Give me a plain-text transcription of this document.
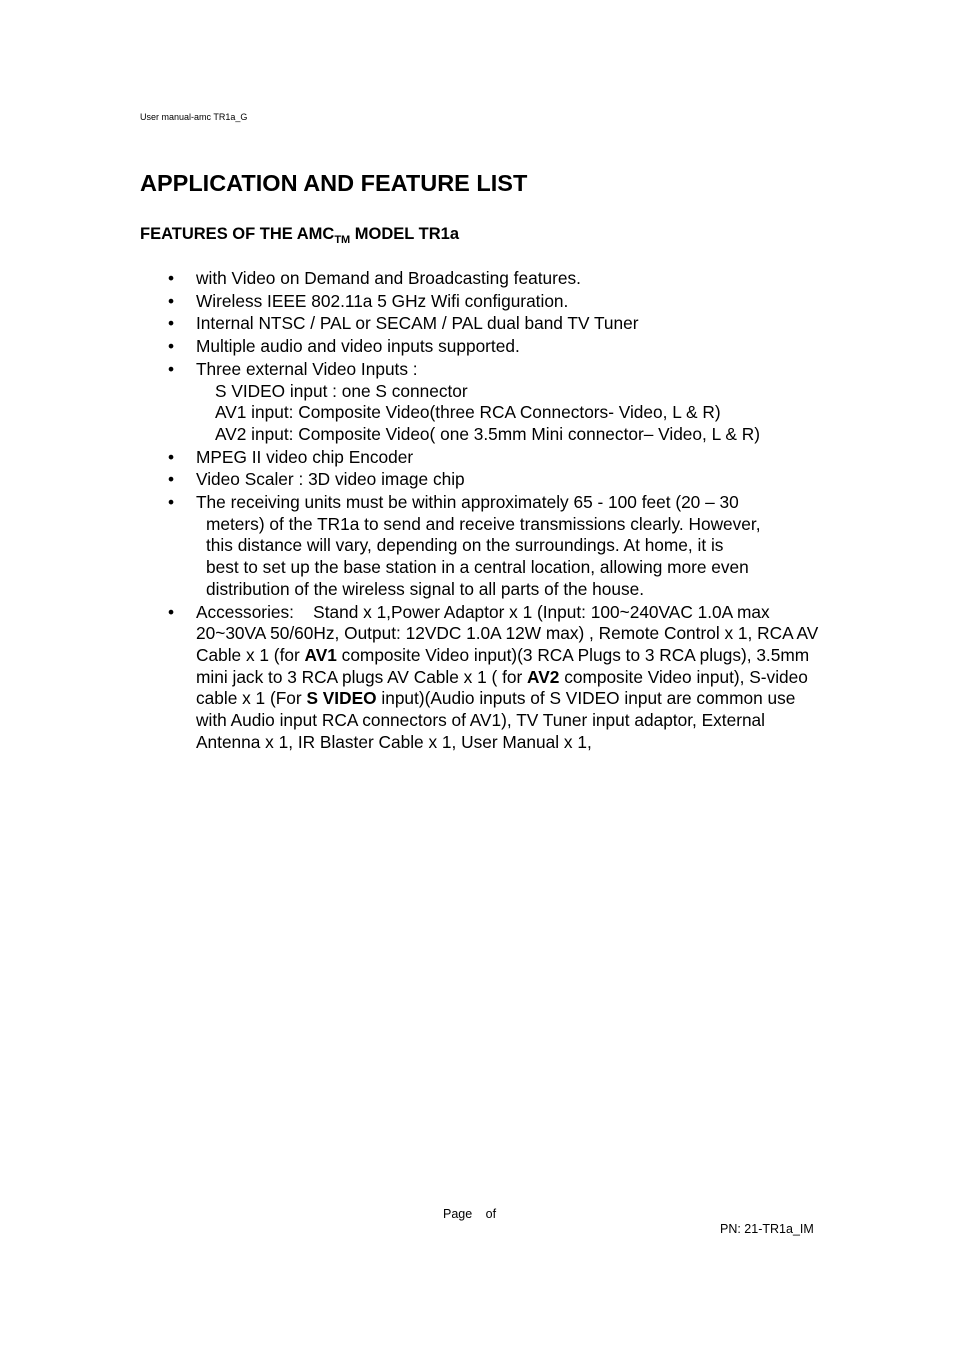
User manual-amc TR1a_G
APPLICATION AND FEATURE LIST
FEATURES OF THE $AMC_{TM}$ MODEL TR1a
• with Video on Demand and Broadcasting features.
• Wireless IEEE 802.11a 5 GHz Wifi configuration.
• Internal NTSC / PAL or SECAM / PAL dual band TV Tuner
• Multiple audio and video inputs supported.
• Three external Video Inputs :
S VIDEO input : one S connector
AV1 input: Composite Video(three RCA Connectors- Video, L & R)
AV2 input: Composite Video( one 3.5mm Mini connector– Video, L & R)
• MPEG II video chip Encoder
• Video Scaler : 3D video image chip
• The receiving units must be within approximately 65 - 100 feet (20 – 30
meters) of the TR1a to send and receive transmissions clearly. However,
this distance will vary, depending on the surroundings. At home, it is
best to set up the base station in a central location, allowing more even
distribution of the wireless signal to all parts of the house.
• Accessories:    Stand x 1,Power Adaptor x 1 (Input: 100~240VAC 1.0A max 20~30VA 50/60Hz, Output: 12VDC 1.0A 12W max) , Remote Control x 1, RCA AV Cable x 1 (for AV1 composite Video input)(3 RCA Plugs to 3 RCA plugs), 3.5mm mini jack to 3 RCA plugs AV Cable x 1 ( for AV2 composite Video input), S-video cable x 1 (For S VIDEO input)(Audio inputs of S VIDEO input are common use with Audio input RCA connectors of AV1), TV Tuner input adaptor, External Antenna x 1, IR Blaster Cable x 1, User Manual x 1,
Page of
PN: 21-TR1a_IM
